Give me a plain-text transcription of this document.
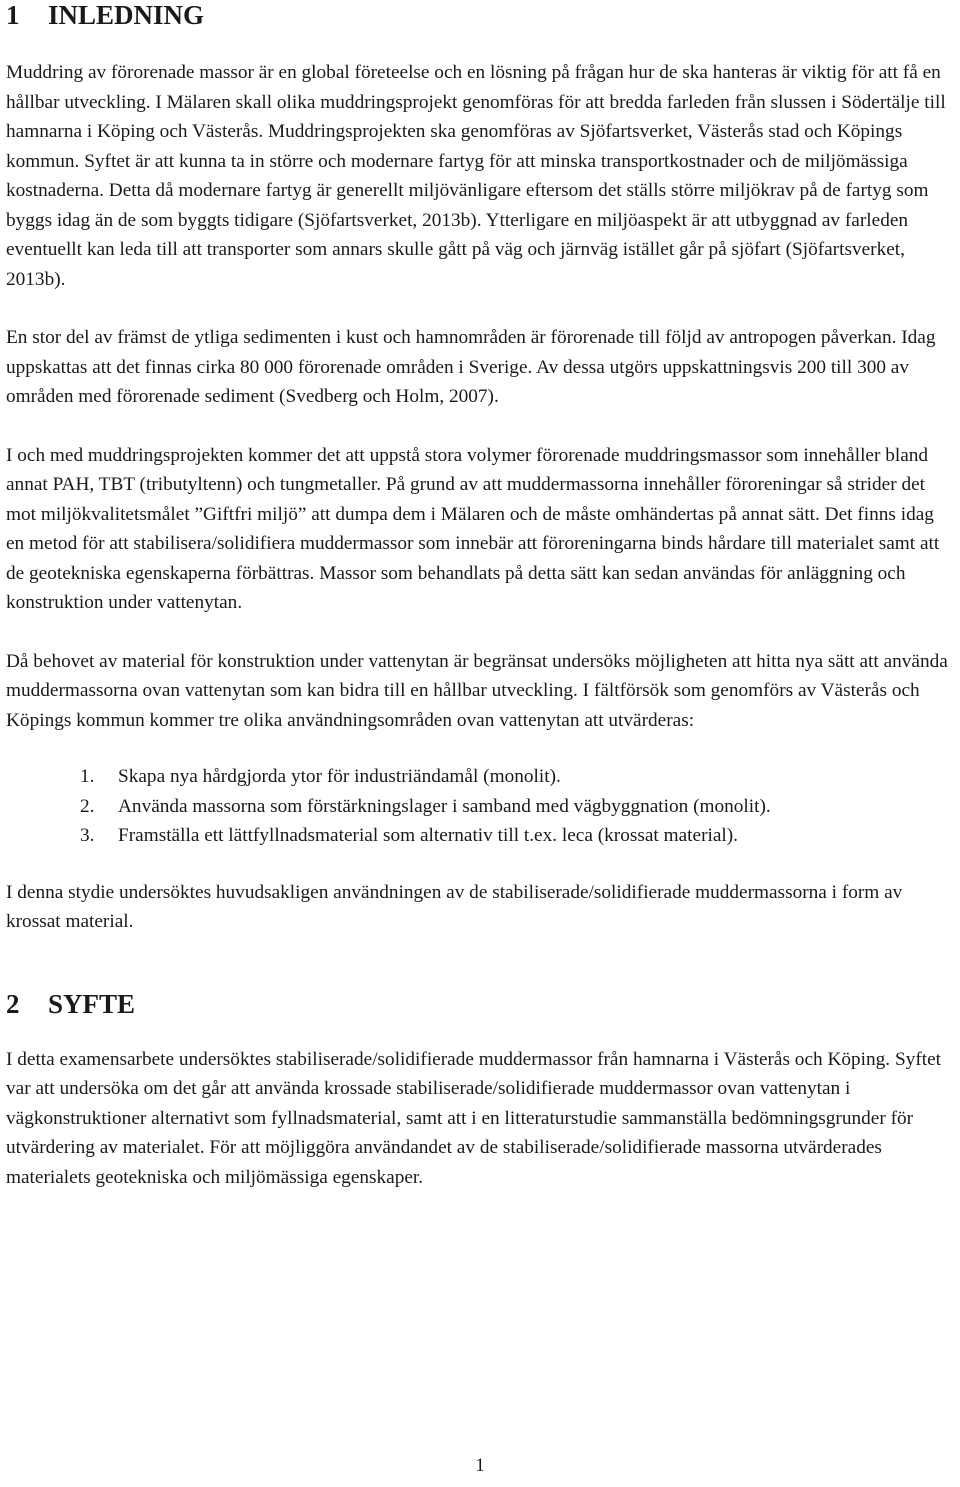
1 INLEDNING

Muddring av förorenade massor är en global företeelse och en lösning på frågan hur de ska hanteras är viktig för att få en hållbar utveckling. I Mälaren skall olika muddringsprojekt genomföras för att bredda farleden från slussen i Södertälje till hamnarna i Köping och Västerås. Muddringsprojekten ska genomföras av Sjöfartsverket, Västerås stad och Köpings kommun. Syftet är att kunna ta in större och modernare fartyg för att minska transportkostnader och de miljömässiga kostnaderna. Detta då modernare fartyg är generellt miljövänligare eftersom det ställs större miljökrav på de fartyg som byggs idag än de som byggts tidigare (Sjöfartsverket, 2013b). Ytterligare en miljöaspekt är att utbyggnad av farleden eventuellt kan leda till att transporter som annars skulle gått på väg och järnväg istället går på sjöfart (Sjöfartsverket, 2013b).

En stor del av främst de ytliga sedimenten i kust och hamnområden är förorenade till följd av antropogen påverkan. Idag uppskattas att det finnas cirka 80 000 förorenade områden i Sverige. Av dessa utgörs uppskattningsvis 200 till 300 av områden med förorenade sediment (Svedberg och Holm, 2007).

I och med muddringsprojekten kommer det att uppstå stora volymer förorenade muddringsmassor som innehåller bland annat PAH, TBT (tributyltenn) och tungmetaller. På grund av att muddermassorna innehåller föroreningar så strider det mot miljökvalitetsmålet ”Giftfri miljö” att dumpa dem i Mälaren och de måste omhändertas på annat sätt. Det finns idag en metod för att stabilisera/solidifiera muddermassor som innebär att föroreningarna binds hårdare till materialet samt att de geotekniska egenskaperna förbättras. Massor som behandlats på detta sätt kan sedan användas för anläggning och konstruktion under vattenytan.

Då behovet av material för konstruktion under vattenytan är begränsat undersöks möjligheten att hitta nya sätt att använda muddermassorna ovan vattenytan som kan bidra till en hållbar utveckling. I fältförsök som genomförs av Västerås och Köpings kommun kommer tre olika användningsområden ovan vattenytan att utvärderas:

1. Skapa nya hårdgjorda ytor för industriändamål (monolit).
2. Använda massorna som förstärkningslager i samband med vägbyggnation (monolit).
3. Framställa ett lättfyllnadsmaterial som alternativ till t.ex. leca (krossat material).

I denna stydie undersöktes huvudsakligen användningen av de stabiliserade/solidifierade muddermassorna i form av krossat material.

2 SYFTE

I detta examensarbete undersöktes stabiliserade/solidifierade muddermassor från hamnarna i Västerås och Köping. Syftet var att undersöka om det går att använda krossade stabiliserade/solidifierade muddermassor ovan vattenytan i vägkonstruktioner alternativt som fyllnadsmaterial, samt att i en litteraturstudie sammanställa bedömningsgrunder för utvärdering av materialet. För att möjliggöra användandet av de stabiliserade/solidifierade massorna utvärderades materialets geotekniska och miljömässiga egenskaper.

1
